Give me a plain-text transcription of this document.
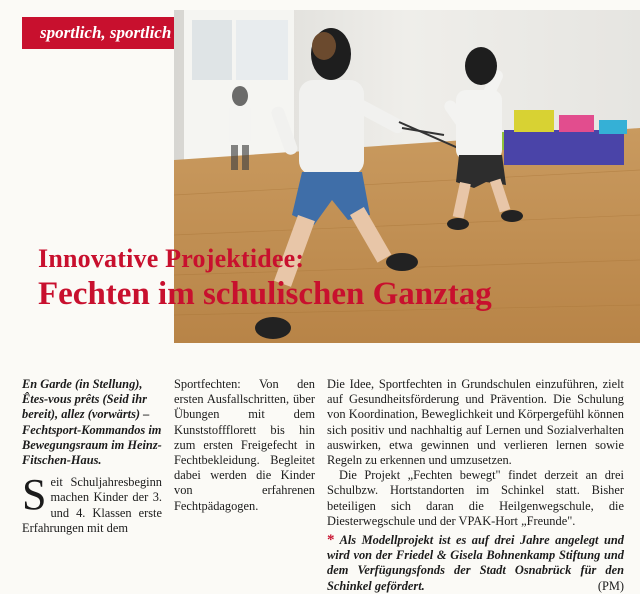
sportlich, sportlich
Innovative Projektidee:
Fechten im schulischen Ganztag

En Garde (in Stellung), Êtes-vous prêts (Seid ihr bereit), allez (vorwärts) – Fechtsport-Kommandos im Bewegungsraum im Heinz-Fitschen-Haus.

Seit Schuljahresbeginn machen Kinder der 3. und 4. Klassen erste Erfahrungen mit dem

Sportfechten: Von den ersten Ausfallschritten, über Übungen mit dem Kunststoffflorett bis hin zum ersten Freigefecht in Fechtbekleidung. Begleitet dabei werden die Kinder von erfahrenen Fechtpädagogen.

Die Idee, Sportfechten in Grundschulen einzuführen, zielt auf Gesundheitsförderung und Prävention. Die Schulung von Koordination, Beweglichkeit und Körpergefühl können sich positiv und nachhaltig auf Lernen und Sozialverhalten auswirken, etwa gewinnen und verlieren lernen sowie Regeln zu erkennen und umzusetzen.

Die Projekt „Fechten bewegt" findet derzeit an drei Schulbzw. Hortstandorten im Schinkel statt. Bisher beteiligen sich daran die Heilgenwegschule, die Diesterwegschule und der VPAK-Hort „Freunde".

* Als Modellprojekt ist es auf drei Jahre angelegt und wird von der Friedel & Gisela Bohnenkamp Stiftung und dem Verfügungsfonds der Stadt Osnabrück für den Schinkel gefördert.	(PM)
